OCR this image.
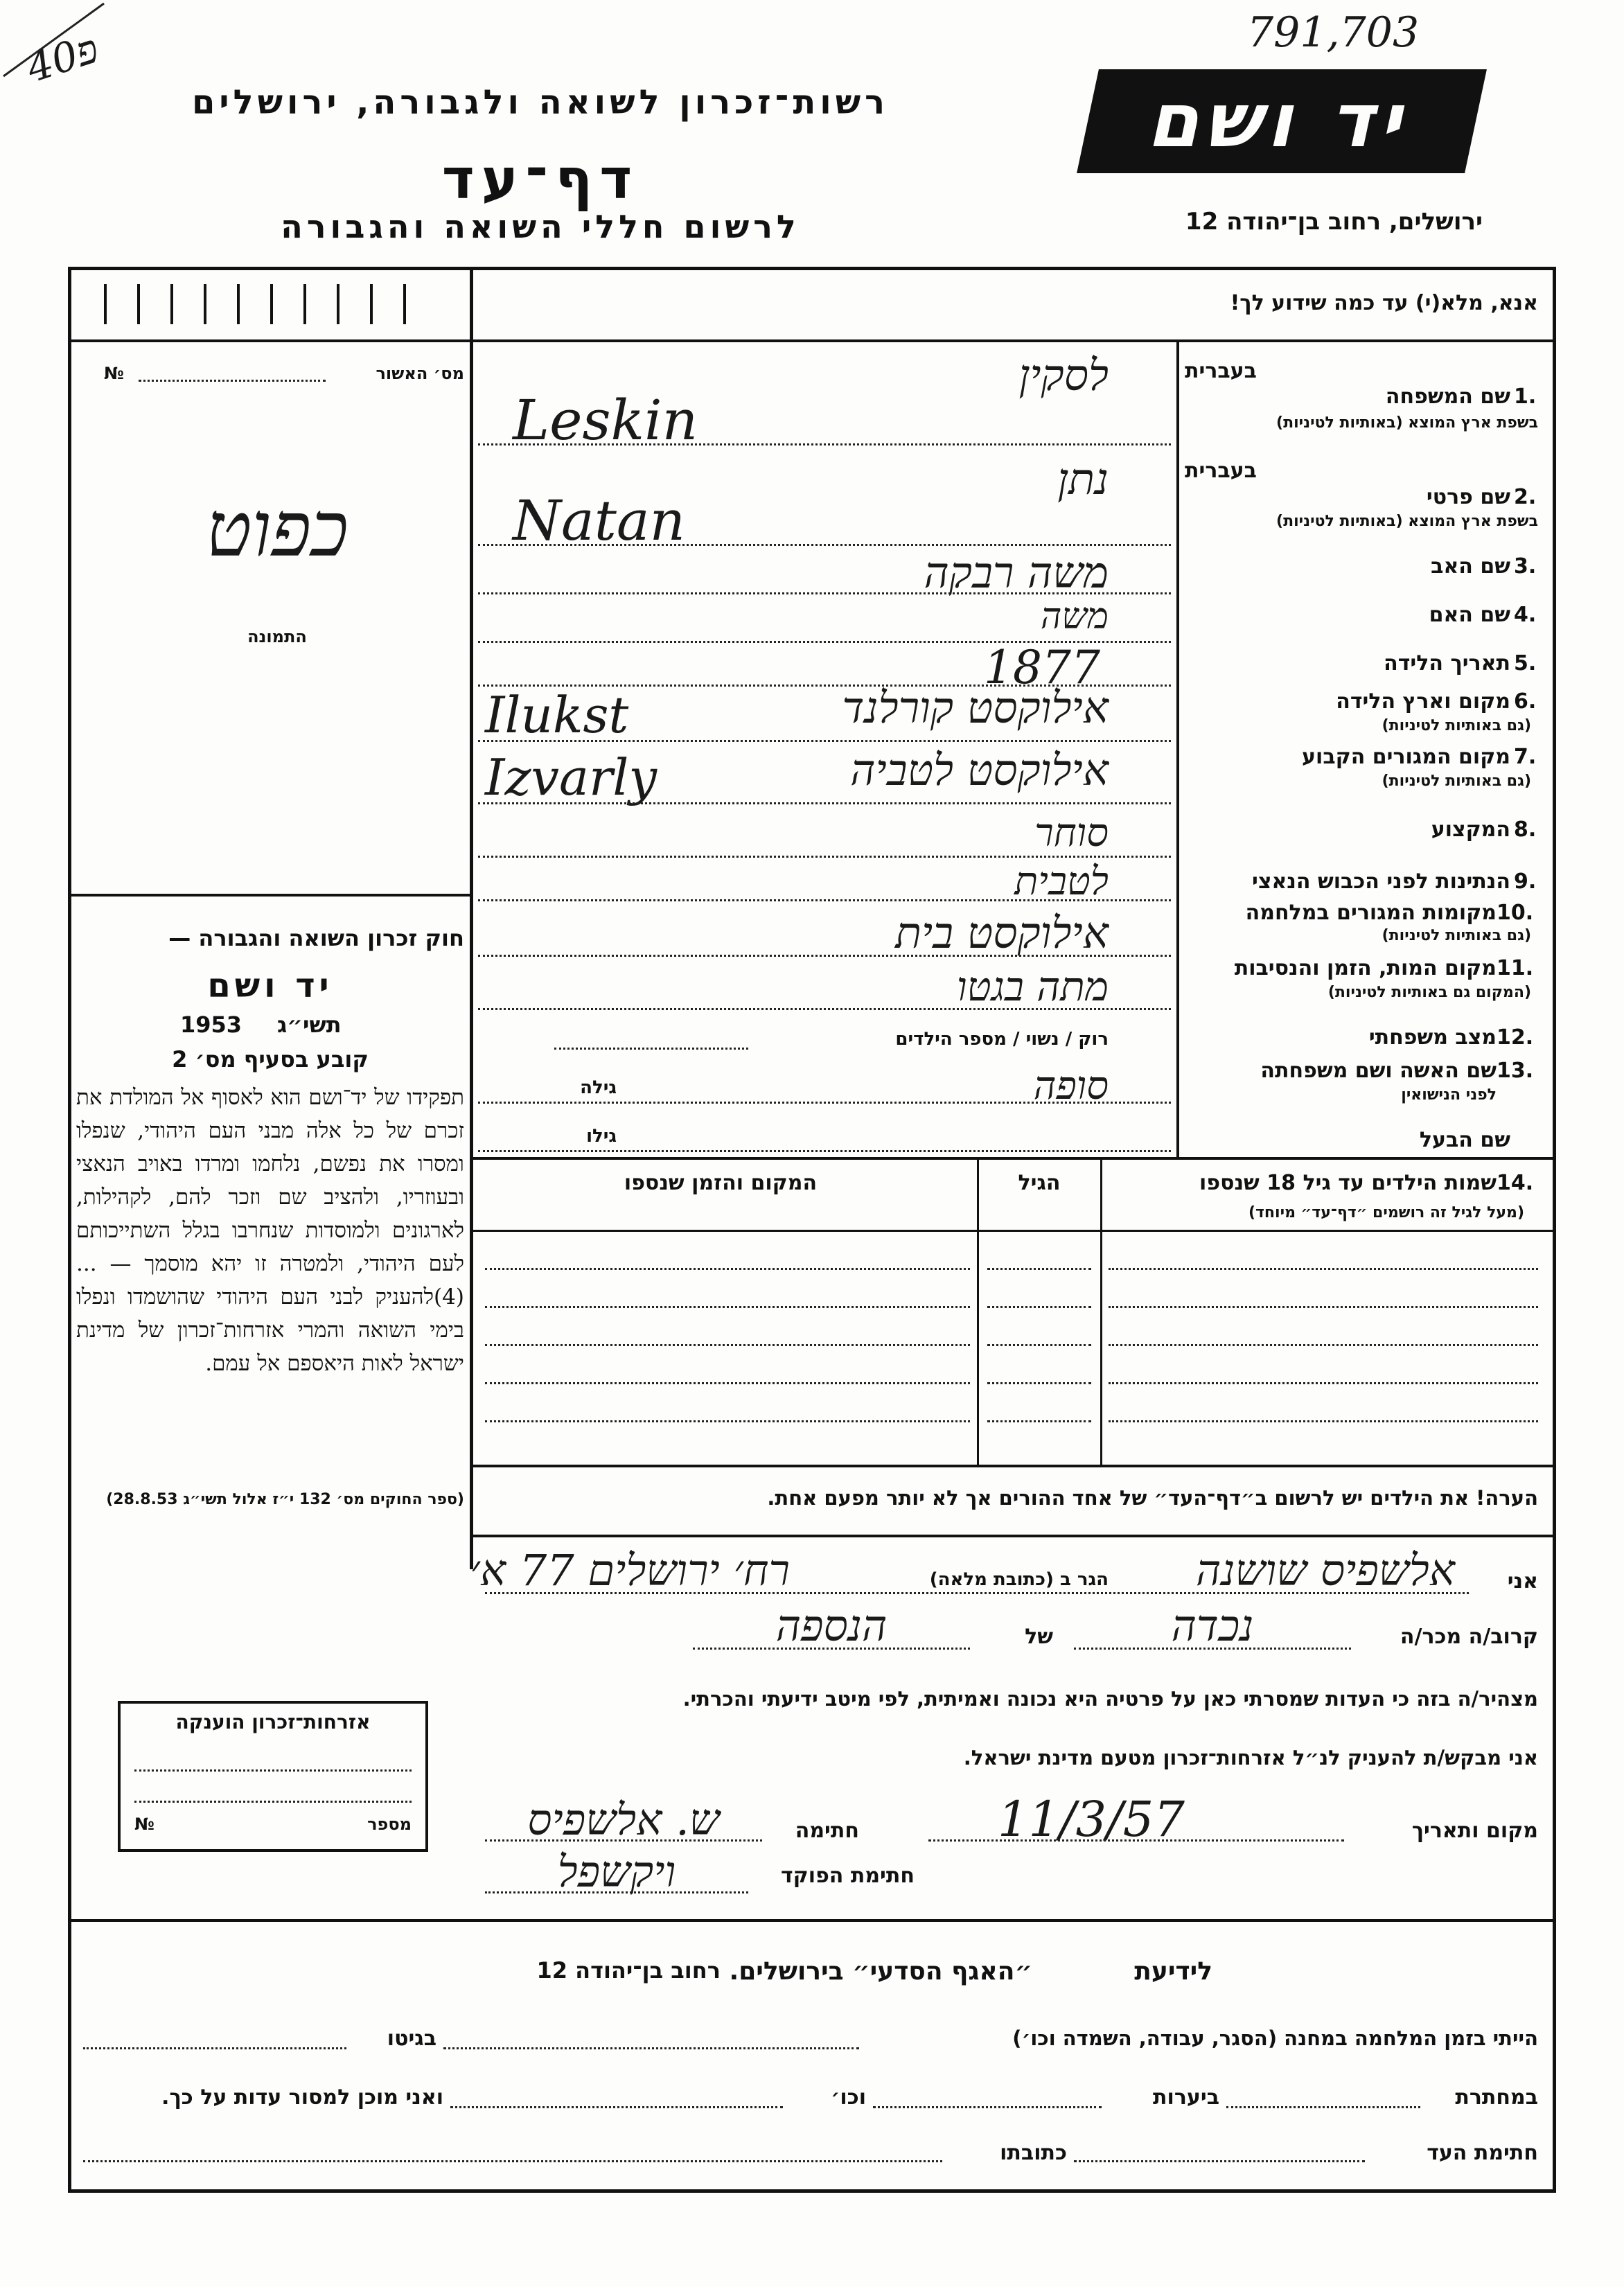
40פ	791,703
רשות־זכרון לשואה ולגבורה, ירושלים
דף־עד
לרשום חללי השואה והגבורה
יד ושם
ירושלים, רחוב בן־יהודה 12
מס׳ האשור
№
כפוט
התמונה
חוק זכרון השואה והגבורה —
יד ושם
1953 תשי״ג
קובע בסעיף מס׳ 2
תפקידו של יד־ושם הוא לאסוף אל המולדת את זכרם של כל אלה מבני העם היהודי, שנפלו ומסרו את נפשם, נלחמו ומרדו באויב הנאצי ובעוזריו, ולהציב שם וזכר להם, לקהילות, לארגונים ולמוסדות שנחרבו בגלל השתייכותם לעם היהודי, ולמטרה זו יהא מוסמך — ...(4)להעניק לבני העם היהודי שהושמדו ונפלו בימי השואה והמרי אזרחות־זכרון של מדינת ישראל לאות היאספם אל עמם.
(ספר החוקים מס׳ 132 י״ז אלול תשי״ג 28.8.53)
אנא, מלא(י) עד כמה שידוע לך!
בעברית
1.
שם המשפחה
בשפת ארץ המוצא (באותיות לטיניות)
לסקין
Leskin
בעברית
2.
שם פרטי
בשפת ארץ המוצא (באותיות לטיניות)
נתן
Natan
3.
שם האב
משה רבקה
4.
שם האם
משה
5.
תאריך הלידה
1877
6.
מקום וארץ הלידה
(גם באותיות לטיניות)
אילוקסט קורלנד
Ilukst
7.
מקום המגורים הקבוע
(גם באותיות לטיניות)
אילוקסט לטביה
Izvarly
8.
המקצוע
סוחר
9.
הנתינות לפני הכבוש הנאצי
לטבית
10.
מקומות המגורים במלחמה
(גם באותיות לטיניות)
אילוקסט בית
11.
מקום המות, הזמן והנסיבות
(המקום גם באותיות לטיניות)
מתה בגטו
12.
מצב משפחתי
רוק / נשוי / מספר הילדים
13.
שם האשה ושם משפחתה
לפני הנישואין
סופה
גילה
שם הבעל
גילו
14.
שמות הילדים עד גיל 18 שנספו
(מעל לגיל זה רושמים ״דף־עד״ מיוחד)
הגיל
המקום והזמן שנספו
הערה! את הילדים יש לרשום ב״דף־העד״ של אחד ההורים אך לא יותר מפעם אחת.
אני
אלשפיס שושנה
הגר ב (כתובת מלאה)
רח׳ ירושלים 77 א׳
קרוב/ה מכר/ה
נכדה
של
הנספה
מצהיר/ה בזה כי העדות שמסרתי כאן על פרטיה היא נכונה ואמיתית, לפי מיטב ידיעתי והכרתי.
אני מבקש/ת להעניק לנ״ל אזרחות־זכרון מטעם מדינת ישראל.
מקום ותאריך
11/3/57
חתימה
ש. אלשפיס
חתימת הפוקד
ויקשפל
אזרחות־זכרון הוענקה
מספר
№
לידיעת
״האגף הסדעי״ בירושלים.
רחוב בן־יהודה 12
הייתי בזמן המלחמה במחנה (הסגר, עבודה, השמדה וכו׳)
בגיטו
במחתרת
ביערות
וכו׳
ואני מוכן למסור עדות על כך.
חתימת העד
כתובתו
